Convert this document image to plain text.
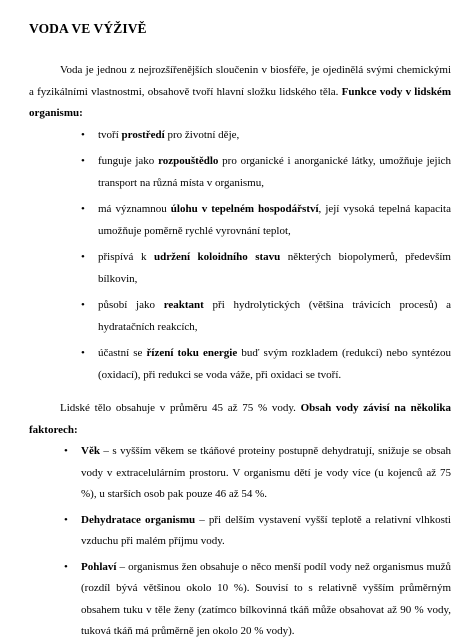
VODA VE VÝŽIVĚ

Voda je jednou z nejrozšířenějších sloučenin v biosféře, je ojedinělá svými chemickými a fyzikálními vlastnostmi, obsahově tvoří hlavní složku lidského těla. Funkce vody v lidském organismu:

• tvoří prostředí pro životní děje,
• funguje jako rozpouštědlo pro organické i anorganické látky, umožňuje jejich transport na různá místa v organismu,
• má významnou úlohu v tepelném hospodářství, její vysoká tepelná kapacita umožňuje poměrně rychlé vyrovnání teplot,
• přispívá k udržení koloidního stavu některých biopolymerů, především bílkovin,
• působí jako reaktant při hydrolytických (většina trávicích procesů) a hydratačních reakcích,
• účastní se řízení toku energie buď svým rozkladem (redukcí) nebo syntézou (oxidací), při redukci se voda váže, při oxidaci se tvoří.

Lidské tělo obsahuje v průměru 45 až 75 % vody. Obsah vody závisí na několika faktorech:

• Věk – s vyšším věkem se tkáňové proteiny postupně dehydratují, snižuje se obsah vody v extracelulárním prostoru. V organismu dětí je vody více (u kojenců až 75 %), u starších osob pak pouze 46 až 54 %.
• Dehydratace organismu – při delším vystavení vyšší teplotě a relativní vlhkosti vzduchu při malém příjmu vody.
• Pohlaví – organismus žen obsahuje o něco menší podíl vody než organismus mužů (rozdíl bývá většinou okolo 10 %). Souvisí to s relativně vyšším průměrným obsahem tuku v těle ženy (zatímco bílkovinná tkáň může obsahovat až 90 % vody, tuková tkáň má průměrně jen okolo 20 % vody).
